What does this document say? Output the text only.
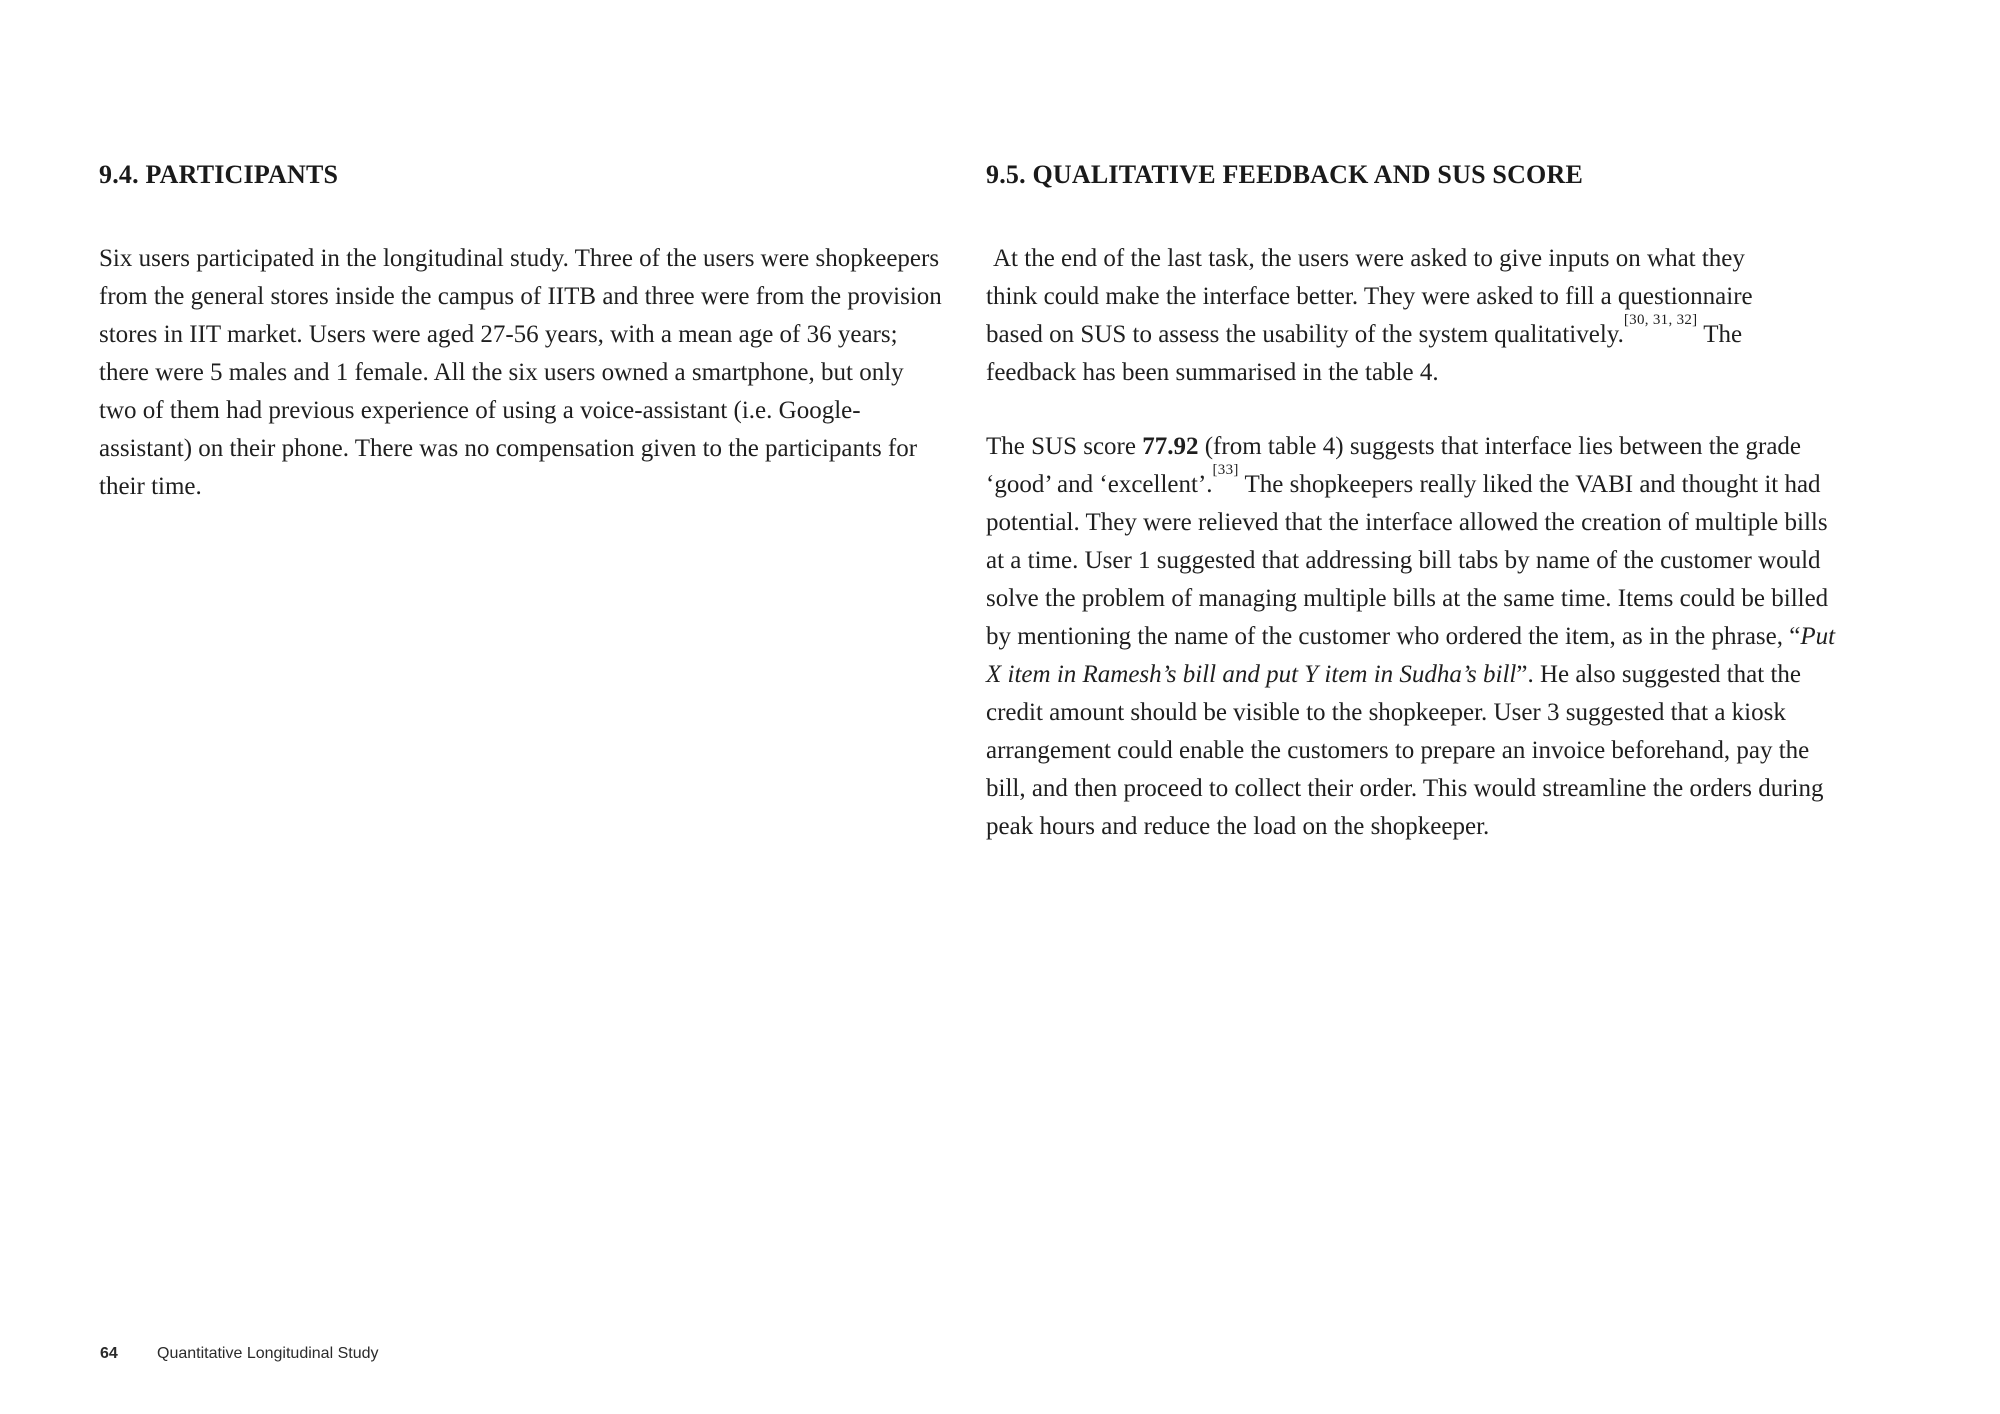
9.4. PARTICIPANTS

Six users participated in the longitudinal study. Three of the users were shopkeepers from the general stores inside the campus of IITB and three were from the provision stores in IIT market. Users were aged 27-56 years, with a mean age of 36 years; there were 5 males and 1 female. All the six users owned a smartphone, but only two of them had previous experience of using a voice-assistant (i.e. Google-assistant) on their phone. There was no compensation given to the participants for their time.

9.5. QUALITATIVE FEEDBACK AND SUS SCORE

At the end of the last task, the users were asked to give inputs on what they think could make the interface better. They were asked to fill a questionnaire based on SUS to assess the usability of the system qualitatively.[30, 31, 32] The feedback has been summarised in the table 4.

The SUS score 77.92 (from table 4) suggests that interface lies between the grade ‘good’ and ‘excellent’.[33] The shopkeepers really liked the VABI and thought it had potential. They were relieved that the interface allowed the creation of multiple bills at a time. User 1 suggested that addressing bill tabs by name of the customer would solve the problem of managing multiple bills at the same time. Items could be billed by mentioning the name of the customer who ordered the item, as in the phrase, “Put X item in Ramesh’s bill and put Y item in Sudha’s bill”. He also suggested that the credit amount should be visible to the shopkeeper. User 3 suggested that a kiosk arrangement could enable the customers to prepare an invoice beforehand, pay the bill, and then proceed to collect their order. This would streamline the orders during peak hours and reduce the load on the shopkeeper.

64	Quantitative Longitudinal Study
